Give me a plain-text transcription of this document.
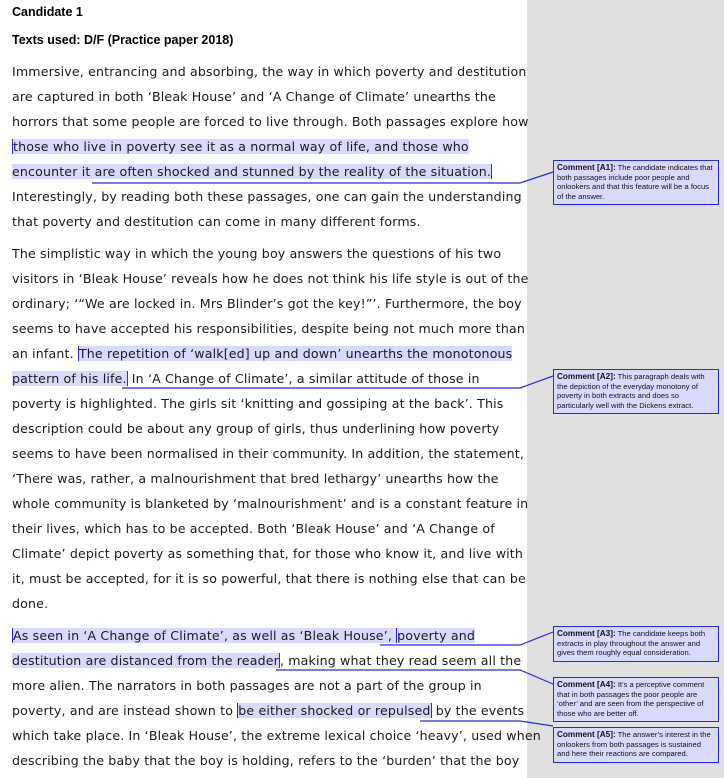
Candidate 1
Texts used: D/F (Practice paper 2018)
Immersive, entrancing and absorbing, the way in which poverty and destitution
are captured in both ‘Bleak House’ and ‘A Change of Climate’ unearths the
horrors that some people are forced to live through. Both passages explore how
those who live in poverty see it as a normal way of life, and those who
encounter it are often shocked and stunned by the reality of the situation.
Interestingly, by reading both these passages, one can gain the understanding
that poverty and destitution can come in many different forms.
The simplistic way in which the young boy answers the questions of his two
visitors in ‘Bleak House’ reveals how he does not think his life style is out of the
ordinary; ‘“We are locked in. Mrs Blinder’s got the key!”’. Furthermore, the boy
seems to have accepted his responsibilities, despite being not much more than
an infant. The repetition of ‘walk[ed] up and down’ unearths the monotonous
pattern of his life. In ‘A Change of Climate’, a similar attitude of those in
poverty is highlighted. The girls sit ‘knitting and gossiping at the back’. This
description could be about any group of girls, thus underlining how poverty
seems to have been normalised in their community. In addition, the statement,
‘There was, rather, a malnourishment that bred lethargy’ unearths how the
whole community is blanketed by ‘malnourishment’ and is a constant feature in
their lives, which has to be accepted. Both ‘Bleak House’ and ‘A Change of
Climate’ depict poverty as something that, for those who know it, and live with
it, must be accepted, for it is so powerful, that there is nothing else that can be
done.
As seen in ‘A Change of Climate’, as well as ‘Bleak House’, poverty and
destitution are distanced from the reader, making what they read seem all the
more alien. The narrators in both passages are not a part of the group in
poverty, and are instead shown to be either shocked or repulsed by the events
which take place. In ‘Bleak House’, the extreme lexical choice ‘heavy’, used when
describing the baby that the boy is holding, refers to the ‘burden’ that the boy
Comment [A1]: The candidate indicates that both passages include poor people and onlookers and that this feature will be a focus of the answer.
Comment [A2]: This paragraph deals with the depiction of the everyday monotony of poverty in both extracts and does so particularly well with the Dickens extract.
Comment [A3]: The candidate keeps both extracts in play throughout the answer and gives them roughly equal consideration.
Comment [A4]: It’s a perceptive comment that in both passages the poor people are ‘other’ and are seen from the perspective of those who are better off.
Comment [A5]: The answer’s interest in the onlookers from both passages is sustained and here their reactions are compared.
